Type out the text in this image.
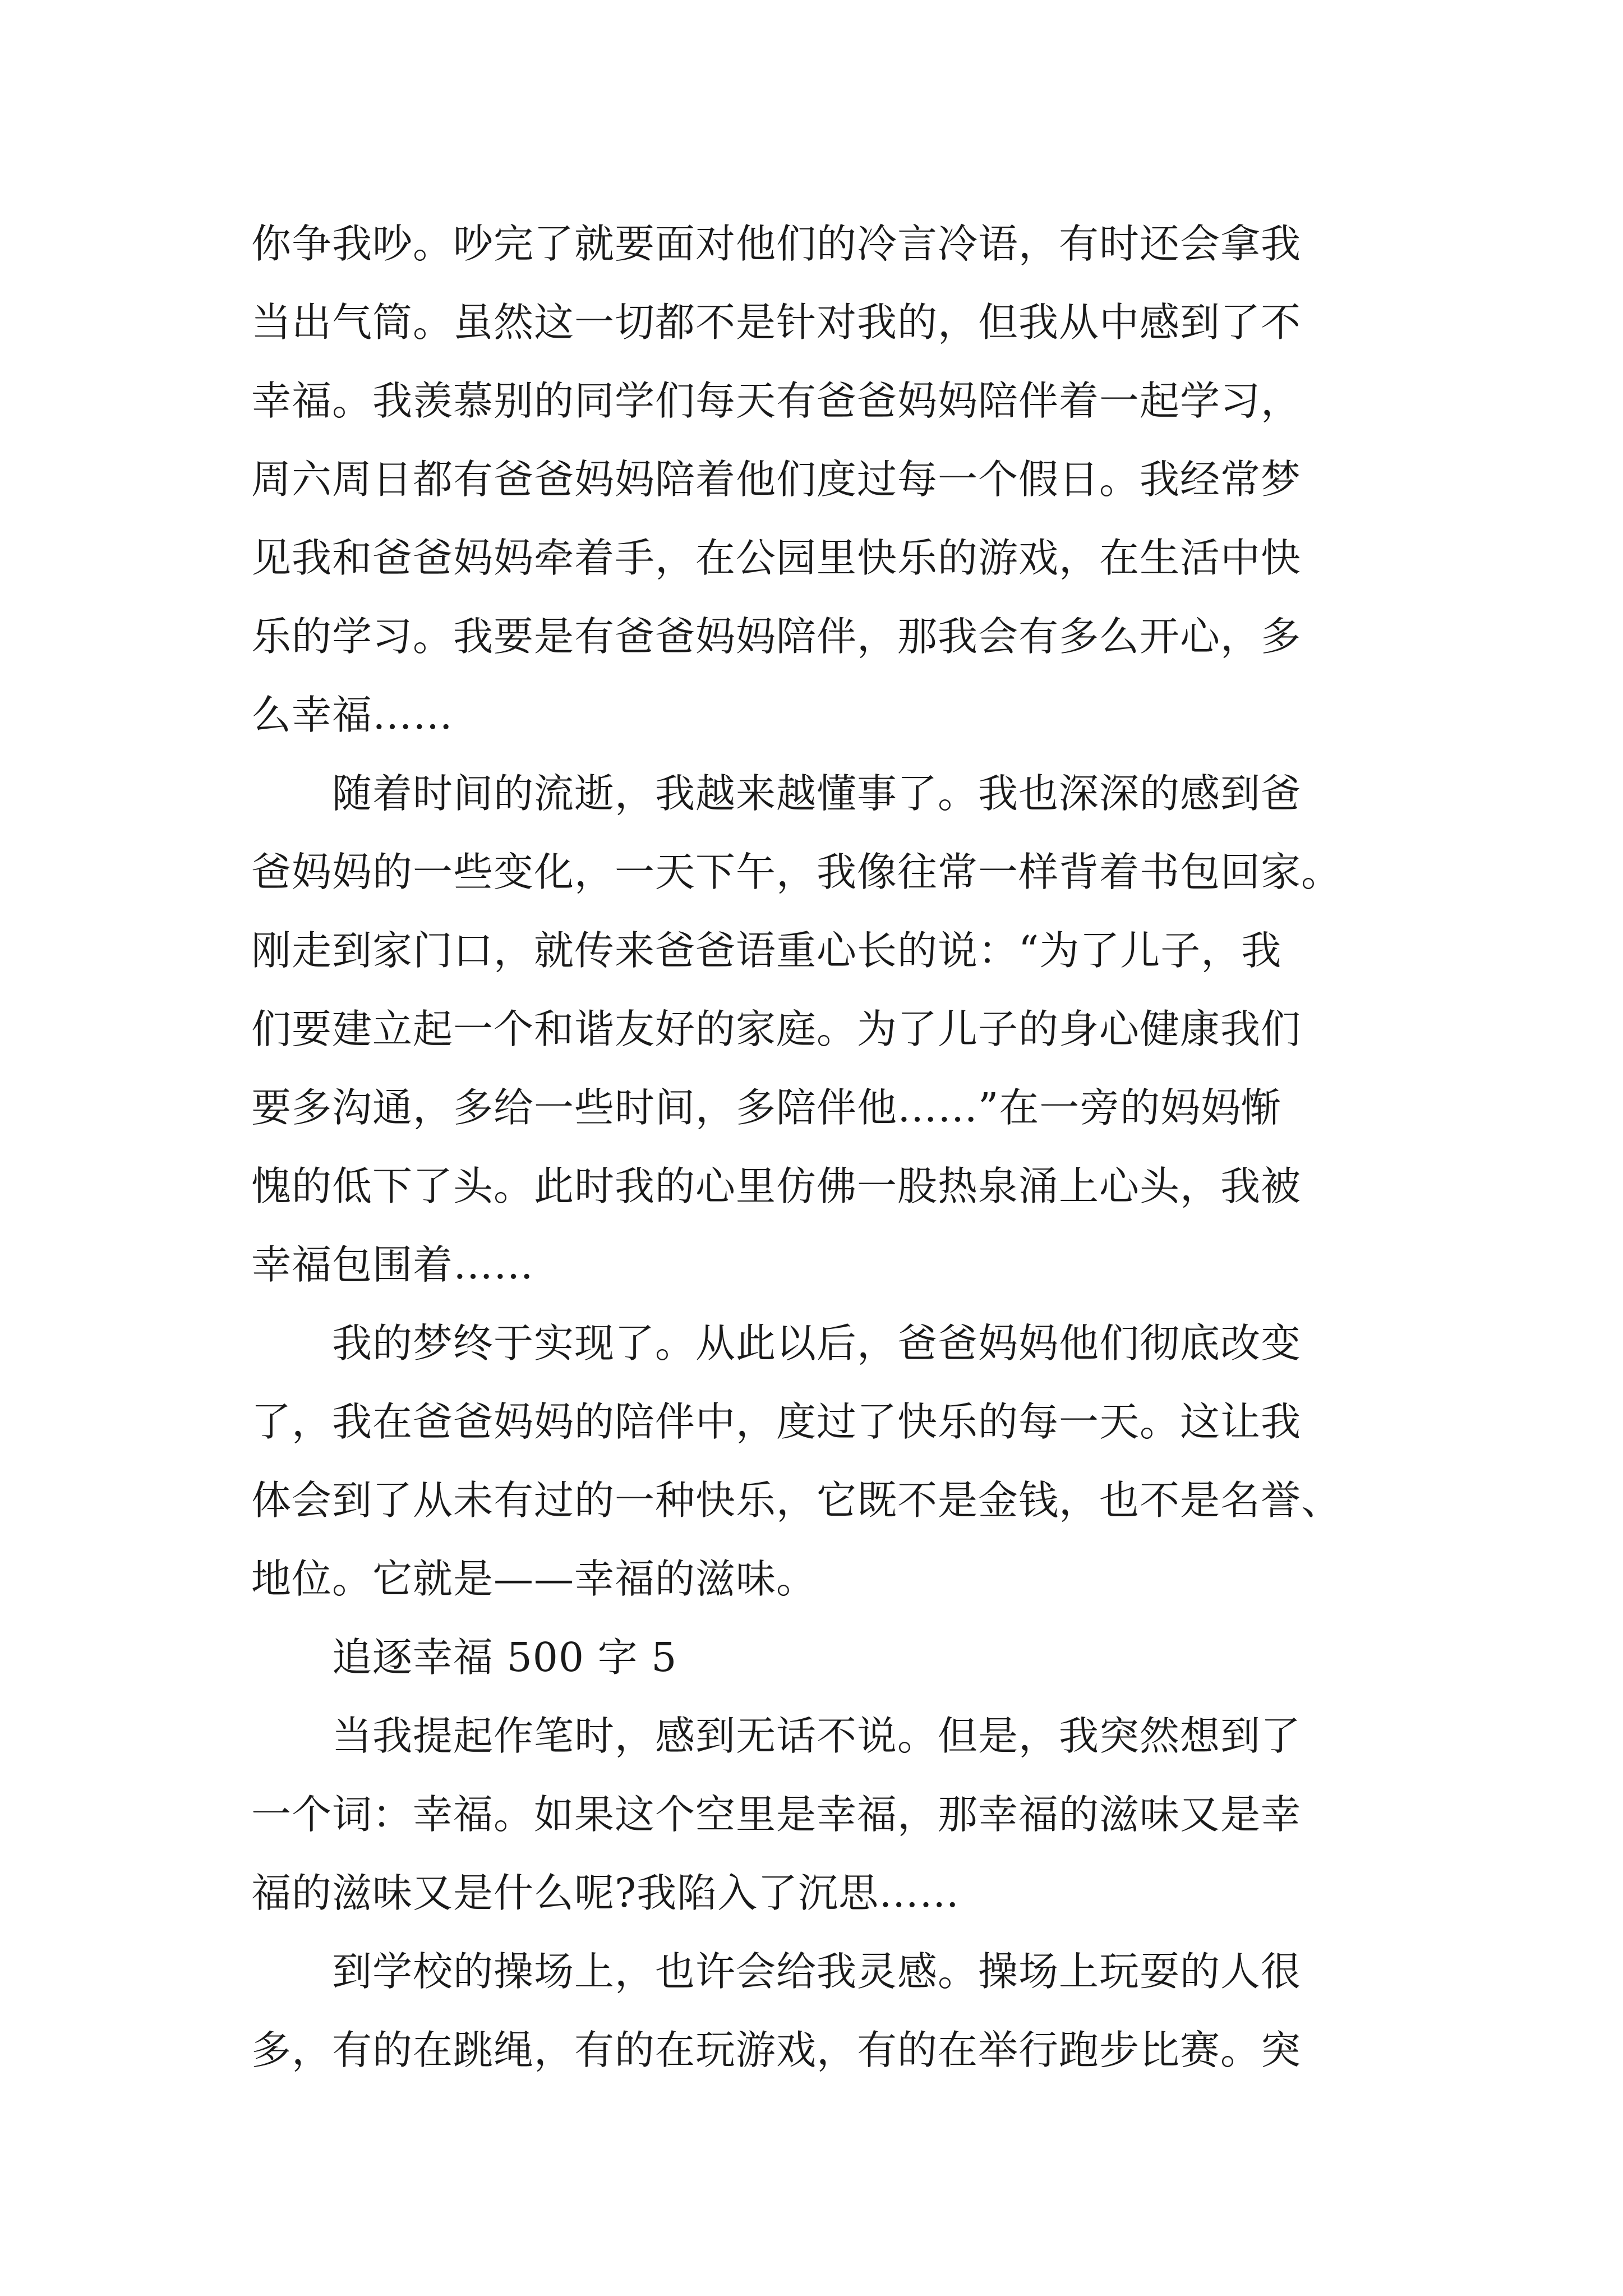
你争我吵。吵完了就要面对他们的冷言冷语，有时还会拿我
当出气筒。虽然这一切都不是针对我的，但我从中感到了不
幸福。我羡慕别的同学们每天有爸爸妈妈陪伴着一起学习，
周六周日都有爸爸妈妈陪着他们度过每一个假日。我经常梦
见我和爸爸妈妈牵着手，在公园里快乐的游戏，在生活中快
乐的学习。我要是有爸爸妈妈陪伴，那我会有多么开心，多
么幸福……
　　随着时间的流逝，我越来越懂事了。我也深深的感到爸
爸妈妈的一些变化，一天下午，我像往常一样背着书包回家。
刚走到家门口，就传来爸爸语重心长的说：“为了儿子，我
们要建立起一个和谐友好的家庭。为了儿子的身心健康我们
要多沟通，多给一些时间，多陪伴他……”在一旁的妈妈惭
愧的低下了头。此时我的心里仿佛一股热泉涌上心头，我被
幸福包围着……
　　我的梦终于实现了。从此以后，爸爸妈妈他们彻底改变
了，我在爸爸妈妈的陪伴中，度过了快乐的每一天。这让我
体会到了从未有过的一种快乐，它既不是金钱，也不是名誉、
地位。它就是——幸福的滋味。
　　追逐幸福 500 字 5
　　当我提起作笔时，感到无话不说。但是，我突然想到了
一个词：幸福。如果这个空里是幸福，那幸福的滋味又是幸
福的滋味又是什么呢?我陷入了沉思……
　　到学校的操场上，也许会给我灵感。操场上玩耍的人很
多，有的在跳绳，有的在玩游戏，有的在举行跑步比赛。突
